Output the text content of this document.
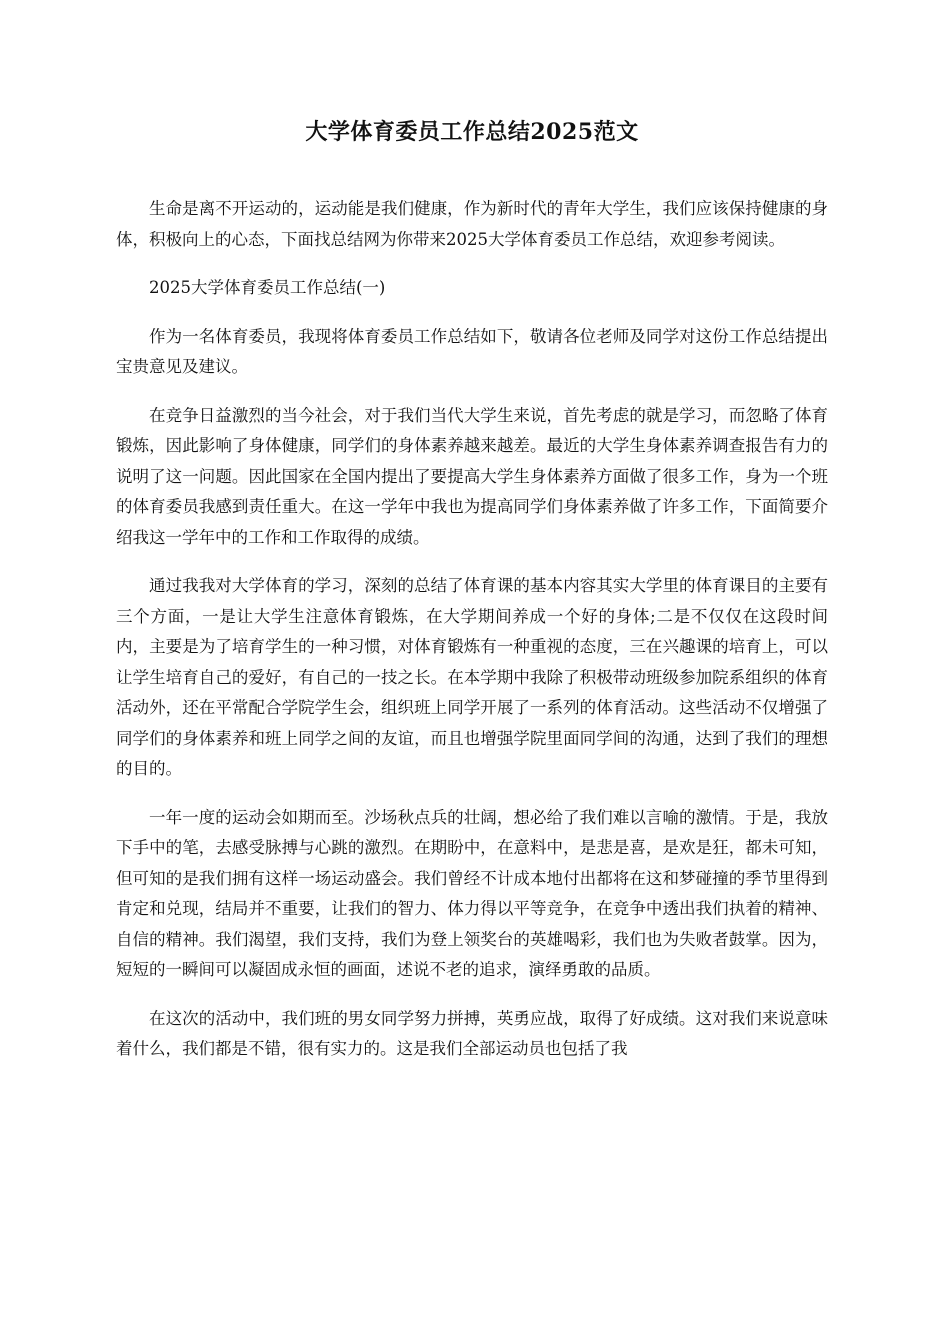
大学体育委员工作总结2025范文

生命是离不开运动的，运动能是我们健康，作为新时代的青年大学生，我们应该保持健康的身体，积极向上的心态，下面找总结网为你带来2025大学体育委员工作总结，欢迎参考阅读。

2025大学体育委员工作总结(一)

作为一名体育委员，我现将体育委员工作总结如下，敬请各位老师及同学对这份工作总结提出宝贵意见及建议。

在竞争日益激烈的当今社会，对于我们当代大学生来说，首先考虑的就是学习，而忽略了体育锻炼，因此影响了身体健康，同学们的身体素养越来越差。最近的大学生身体素养调查报告有力的说明了这一问题。因此国家在全国内提出了要提高大学生身体素养方面做了很多工作，身为一个班的体育委员我感到责任重大。在这一学年中我也为提高同学们身体素养做了许多工作，下面简要介绍我这一学年中的工作和工作取得的成绩。

通过我我对大学体育的学习，深刻的总结了体育课的基本内容其实大学里的体育课目的主要有三个方面，一是让大学生注意体育锻炼，在大学期间养成一个好的身体;二是不仅仅在这段时间内，主要是为了培育学生的一种习惯，对体育锻炼有一种重视的态度，三在兴趣课的培育上，可以让学生培育自己的爱好，有自己的一技之长。在本学期中我除了积极带动班级参加院系组织的体育活动外，还在平常配合学院学生会，组织班上同学开展了一系列的体育活动。这些活动不仅增强了同学们的身体素养和班上同学之间的友谊，而且也增强学院里面同学间的沟通，达到了我们的理想的目的。

一年一度的运动会如期而至。沙场秋点兵的壮阔，想必给了我们难以言喻的激情。于是，我放下手中的笔，去感受脉搏与心跳的激烈。在期盼中，在意料中，是悲是喜，是欢是狂，都未可知，但可知的是我们拥有这样一场运动盛会。我们曾经不计成本地付出都将在这和梦碰撞的季节里得到肯定和兑现，结局并不重要，让我们的智力、体力得以平等竞争，在竞争中透出我们执着的精神、自信的精神。我们渴望，我们支持，我们为登上领奖台的英雄喝彩，我们也为失败者鼓掌。因为，短短的一瞬间可以凝固成永恒的画面，述说不老的追求，演绎勇敢的品质。

在这次的活动中，我们班的男女同学努力拼搏，英勇应战，取得了好成绩。这对我们来说意味着什么，我们都是不错，很有实力的。这是我们全部运动员也包括了我
